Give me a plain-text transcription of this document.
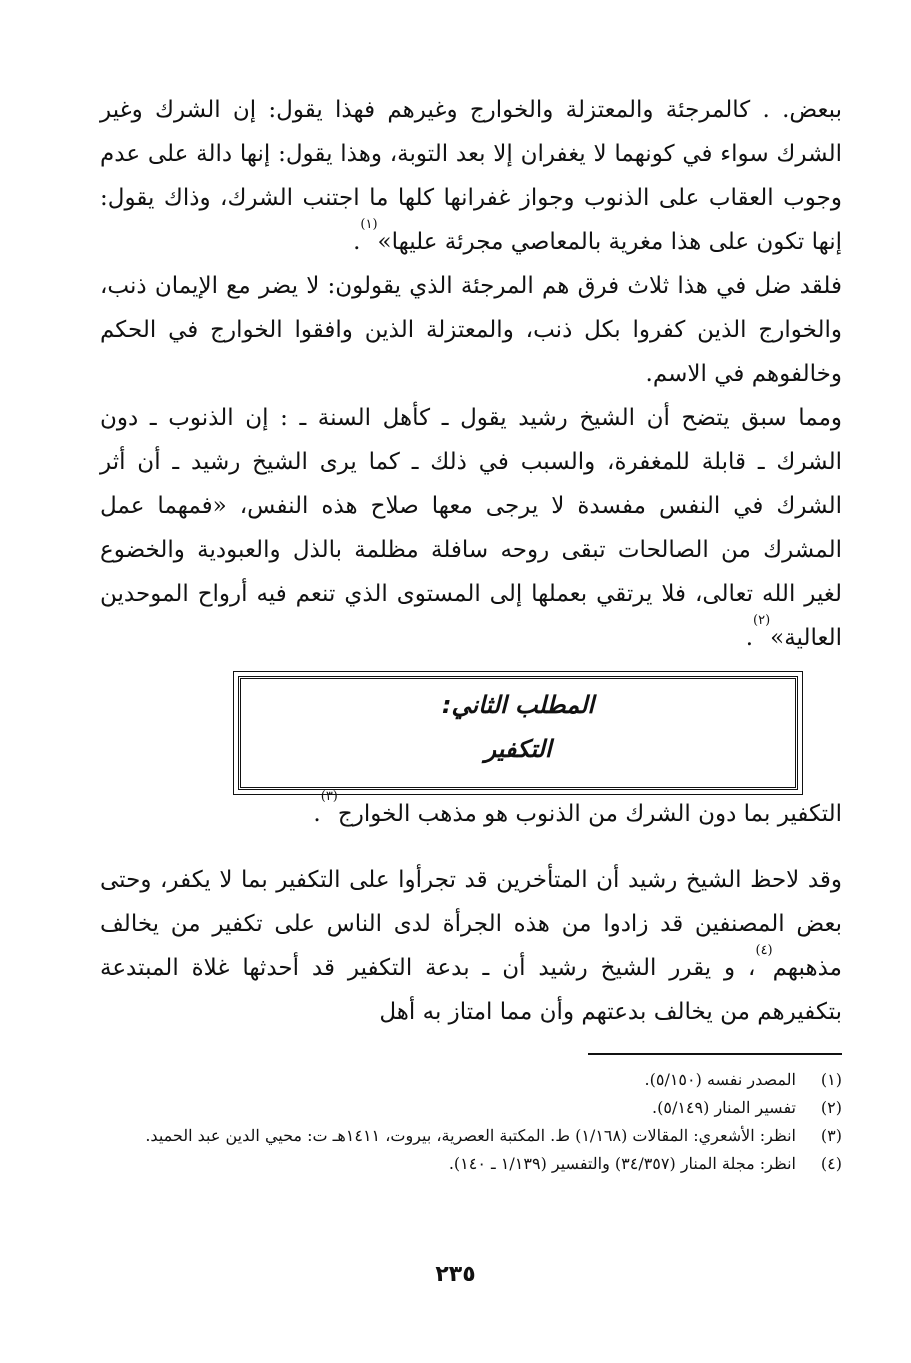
ببعض. . كالمرجئة والمعتزلة والخوارج وغيرهم فهذا يقول: إن الشرك وغير الشرك سواء في كونهما لا يغفران إلا بعد التوبة، وهذا يقول: إنها دالة على عدم وجوب العقاب على الذنوب وجواز غفرانها كلها ما اجتنب الشرك، وذاك يقول: إنها تكون على هذا مغرية بالمعاصي مجرئة عليها»$^{(١)}$.

فلقد ضل في هذا ثلاث فرق هم المرجئة الذي يقولون: لا يضر مع الإيمان ذنب، والخوارج الذين كفروا بكل ذنب، والمعتزلة الذين وافقوا الخوارج في الحكم وخالفوهم في الاسم.

ومما سبق يتضح أن الشيخ رشيد يقول ـ كأهل السنة ـ : إن الذنوب ـ دون الشرك ـ قابلة للمغفرة، والسبب في ذلك ـ كما يرى الشيخ رشيد ـ أن أثر الشرك في النفس مفسدة لا يرجى معها صلاح هذه النفس، «فمهما عمل المشرك من الصالحات تبقى روحه سافلة مظلمة بالذل والعبودية والخضوع لغير الله تعالى، فلا يرتقي بعملها إلى المستوى الذي تنعم فيه أرواح الموحدين العالية»$^{(٢)}$.

المطلب الثاني:
التكفير

التكفير بما دون الشرك من الذنوب هو مذهب الخوارج$^{(٣)}$.

وقد لاحظ الشيخ رشيد أن المتأخرين قد تجرأوا على التكفير بما لا يكفر، وحتى بعض المصنفين قد زادوا من هذه الجرأة لدى الناس على تكفير من يخالف مذهبهم$^{(٤)}$، و يقرر الشيخ رشيد أن ـ بدعة التكفير قد أحدثها غلاة المبتدعة بتكفيرهم من يخالف بدعتهم وأن مما امتاز به أهل

(١)
المصدر نفسه (٥/١٥٠).
(٢)
تفسير المنار (٥/١٤٩).
(٣)
انظر: الأشعري: المقالات (١/١٦٨) ط. المكتبة العصرية، بيروت، ١٤١١هـ ت: محيي الدين عبد الحميد.
(٤)
انظر: مجلة المنار (٣٤/٣٥٧) والتفسير (١/١٣٩ ـ ١٤٠).
٢٣٥
